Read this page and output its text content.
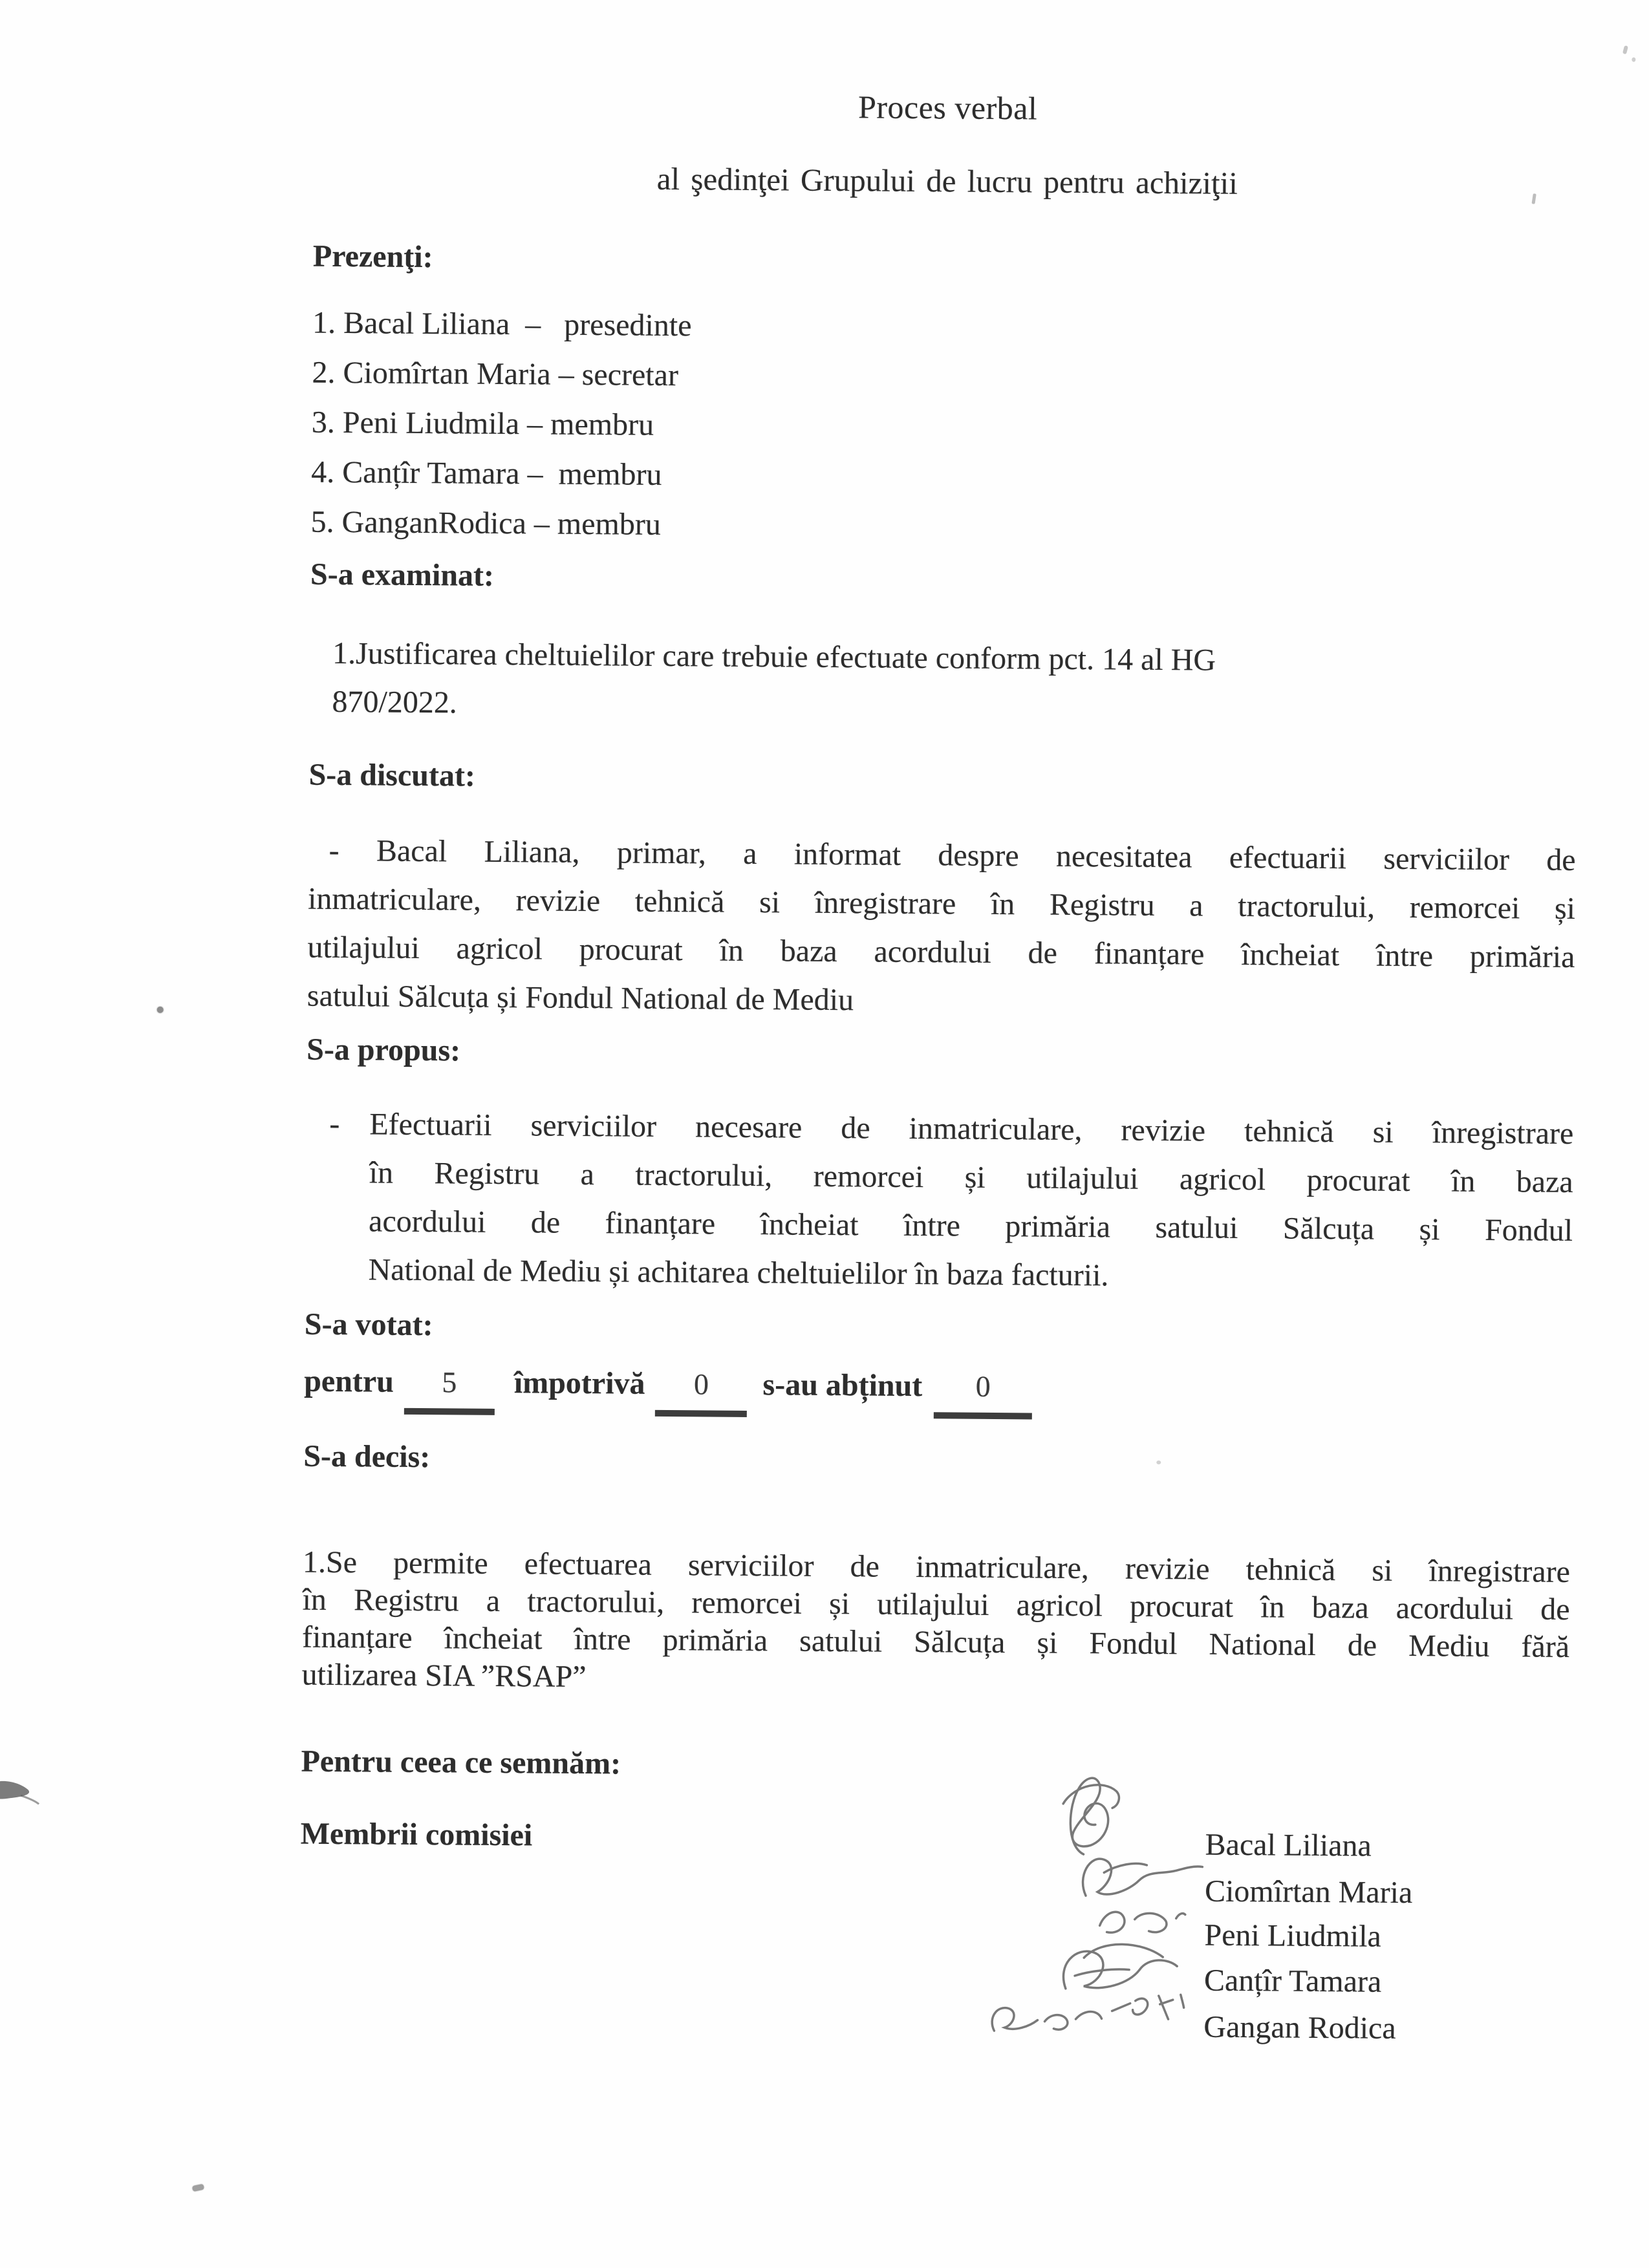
Proces verbal
al şedinţei Grupului de lucru pentru achiziţii
Prezenţi:
1. Bacal Liliana  –   presedinte
2. Ciomîrtan Maria – secretar
3. Peni Liudmila – membru
4. Canțîr Tamara –  membru
5. GanganRodica – membru
S-a examinat:
1.Justificarea cheltuielilor care trebuie efectuate conform pct. 14 al HG
870/2022.
S-a discutat:
- Bacal Liliana, primar, a informat despre necesitatea efectuarii serviciilor de
inmatriculare, revizie tehnică si înregistrare în Registru a tractorului, remorcei și
utilajului agricol procurat în baza acordului de finanțare încheiat între primăria
satului Sălcuța și Fondul National de Mediu
S-a propus:
- Efectuarii serviciilor necesare de inmatriculare, revizie tehnică si înregistrare
în Registru a tractorului, remorcei și utilajului agricol procurat în baza
acordului de finanțare încheiat între primăria satului Sălcuța și Fondul
National de Mediu și achitarea cheltuielilor în baza facturii.
S-a votat:
pentru	5	împotrivă	0	s-au abținut	0
S-a decis:
1.Se permite efectuarea serviciilor de inmatriculare, revizie tehnică si înregistrare
în Registru a tractorului, remorcei și utilajului agricol procurat în baza acordului de
finanțare încheiat între primăria satului Sălcuța și Fondul National de Mediu fără
utilizarea SIA ”RSAP”
Pentru ceea ce semnăm:
Membrii comisiei	Bacal Liliana
Ciomîrtan Maria
Peni Liudmila
Canțîr Tamara
Gangan Rodica
